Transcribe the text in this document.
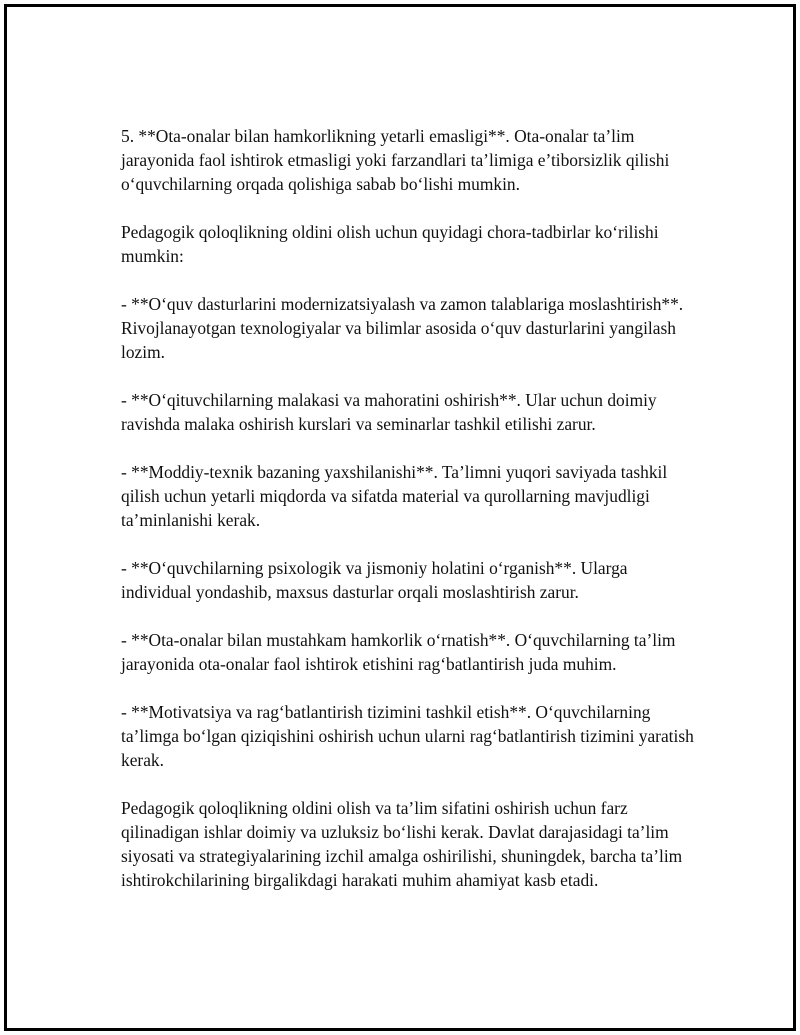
5. **Ota-onalar bilan hamkorlikning yetarli emasligi**. Ota-onalar ta’lim jarayonida faol ishtirok etmasligi yoki farzandlari ta’limiga e’tiborsizlik qilishi o‘quvchilarning orqada qolishiga sabab bo‘lishi mumkin.

Pedagogik qoloqlikning oldini olish uchun quyidagi chora-tadbirlar ko‘rilishi mumkin:

- **O‘quv dasturlarini modernizatsiyalash va zamon talablariga moslashtirish**. Rivojlanayotgan texnologiyalar va bilimlar asosida o‘quv dasturlarini yangilash lozim.

- **O‘qituvchilarning malakasi va mahoratini oshirish**. Ular uchun doimiy ravishda malaka oshirish kurslari va seminarlar tashkil etilishi zarur.

- **Moddiy-texnik bazaning yaxshilanishi**. Ta’limni yuqori saviyada tashkil qilish uchun yetarli miqdorda va sifatda material va qurollarning mavjudligi ta’minlanishi kerak.

- **O‘quvchilarning psixologik va jismoniy holatini o‘rganish**. Ularga individual yondashib, maxsus dasturlar orqali moslashtirish zarur.

- **Ota-onalar bilan mustahkam hamkorlik o‘rnatish**. O‘quvchilarning ta’lim jarayonida ota-onalar faol ishtirok etishini rag‘batlantirish juda muhim.

- **Motivatsiya va rag‘batlantirish tizimini tashkil etish**. O‘quvchilarning ta’limga bo‘lgan qiziqishini oshirish uchun ularni rag‘batlantirish tizimini yaratish kerak.

Pedagogik qoloqlikning oldini olish va ta’lim sifatini oshirish uchun farz qilinadigan ishlar doimiy va uzluksiz bo‘lishi kerak. Davlat darajasidagi ta’lim siyosati va strategiyalarining izchil amalga oshirilishi, shuningdek, barcha ta’lim ishtirokchilarining birgalikdagi harakati muhim ahamiyat kasb etadi.
